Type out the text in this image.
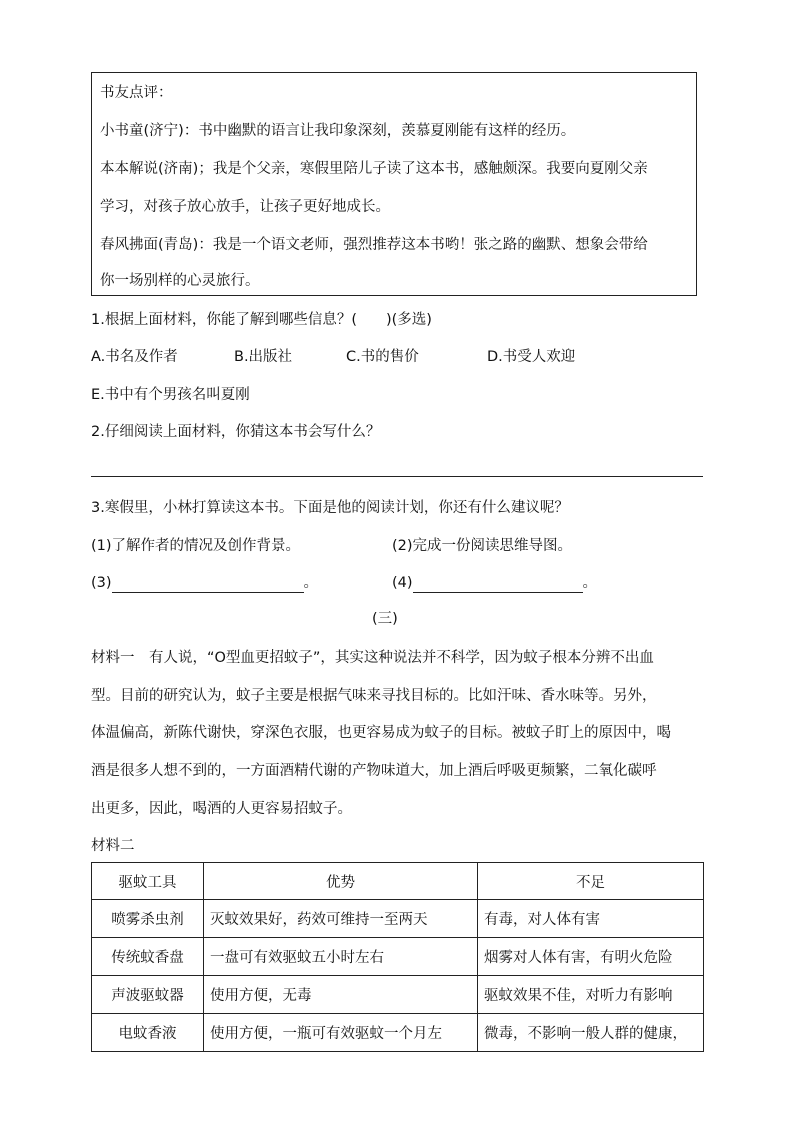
书友点评：
小书童(济宁)：书中幽默的语言让我印象深刻，羡慕夏刚能有这样的经历。
本本解说(济南)；我是个父亲，寒假里陪儿子读了这本书，感触颇深。我要向夏刚父亲
学习，对孩子放心放手，让孩子更好地成长。
春风拂面(青岛)：我是一个语文老师，强烈推荐这本书哟！张之路的幽默、想象会带给
你一场别样的心灵旅行。
1.根据上面材料，你能了解到哪些信息？(　　)(多选)
A.书名及作者	B.出版社	C.书的售价	D.书受人欢迎
E.书中有个男孩名叫夏刚
2.仔细阅读上面材料，你猜这本书会写什么？
3.寒假里，小林打算读这本书。下面是他的阅读计划，你还有什么建议呢？
(1)了解作者的情况及创作背景。	(2)完成一份阅读思维导图。
(3)	。	(4)	。
(三)
材料一　有人说，“O型血更招蚊子”，其实这种说法并不科学，因为蚊子根本分辨不出血
型。目前的研究认为，蚊子主要是根据气味来寻找目标的。比如汗味、香水味等。另外，
体温偏高，新陈代谢快，穿深色衣服，也更容易成为蚊子的目标。被蚊子盯上的原因中，喝
酒是很多人想不到的，一方面酒精代谢的产物味道大，加上酒后呼吸更频繁，二氧化碳呼
出更多，因此，喝酒的人更容易招蚊子。
材料二
驱蚊工具	优势	不足
喷雾杀虫剂	灭蚊效果好，药效可维持一至两天	有毒，对人体有害
传统蚊香盘	一盘可有效驱蚊五小时左右	烟雾对人体有害，有明火危险
声波驱蚊器	使用方便，无毒	驱蚊效果不佳，对听力有影响
电蚊香液	使用方便，一瓶可有效驱蚊一个月左	微毒，不影响一般人群的健康，
